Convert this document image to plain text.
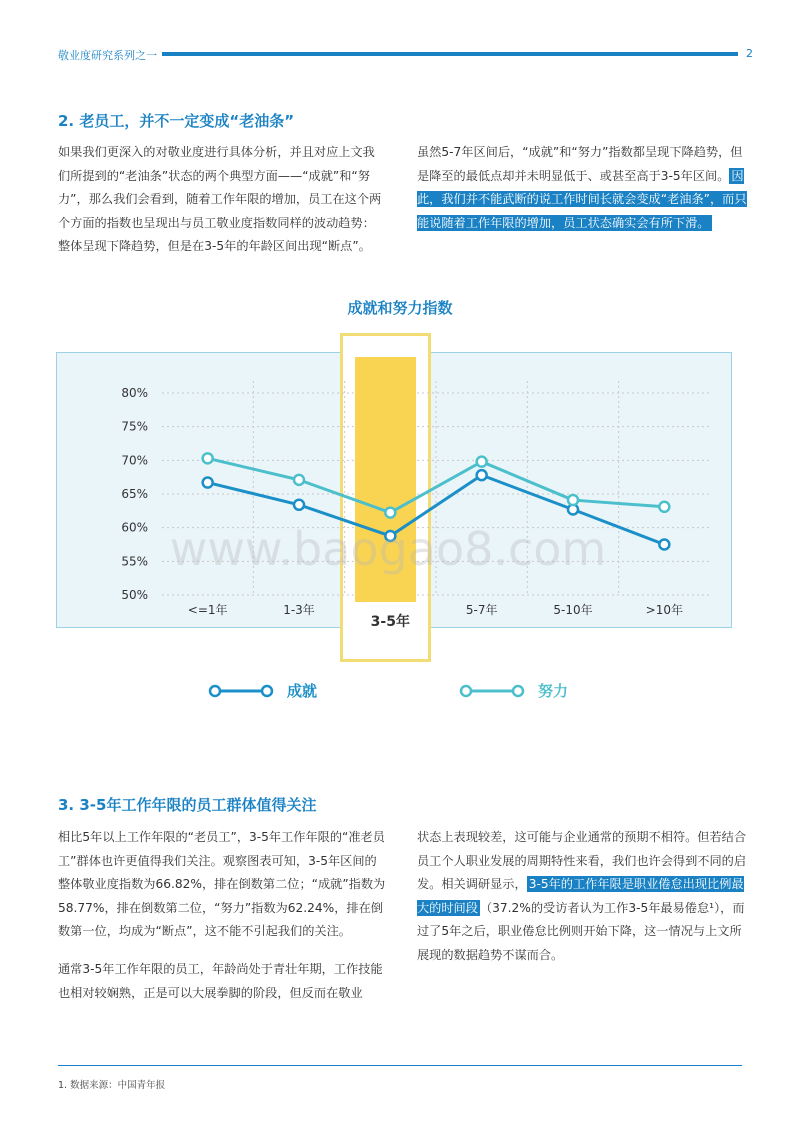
敬业度研究系列之一	2
2. 老员工，并不一定变成“老油条”

如果我们更深入的对敬业度进行具体分析，并且对应上文我们所提到的“老油条”状态的两个典型方面——“成就”和“努力”，那么我们会看到，随着工作年限的增加，员工在这个两个方面的指数也呈现出与员工敬业度指数同样的波动趋势：整体呈现下降趋势，但是在3-5年的年龄区间出现“断点”。

虽然5-7年区间后，“成就”和“努力”指数都呈现下降趋势，但是降至的最低点却并未明显低于、或甚至高于3-5年区间。 因此，我们并不能武断的说工作时间长就会变成“老油条”，而只能说随着工作年限的增加，员工状态确实会有所下滑。

成就和努力指数
80%
75%
70%
65%
60%
55%
50%
<=1年	1-3年
3-5年
5-7年	5-10年	>10年
www.baogao8.com
成就	努力
3. 3-5年工作年限的员工群体值得关注

相比5年以上工作年限的“老员工”，3-5年工作年限的“准老员工”群体也许更值得我们关注。观察图表可知，3-5年区间的整体敬业度指数为66.82%，排在倒数第二位；“成就”指数为58.77%，排在倒数第二位，“努力”指数为62.24%，排在倒数第一位，均成为“断点”，这不能不引起我们的关注。

通常3-5年工作年限的员工，年龄尚处于青壮年期，工作技能也相对较娴熟，正是可以大展拳脚的阶段，但反而在敬业

状态上表现较差，这可能与企业通常的预期不相符。但若结合员工个人职业发展的周期特性来看，我们也许会得到不同的启发。相关调研显示， 3-5年的工作年限是职业倦怠出现比例最大的时间段 （37.2%的受访者认为工作3-5年最易倦怠¹），而过了5年之后，职业倦怠比例则开始下降，这一情况与上文所展现的数据趋势不谋而合。

1. 数据来源：中国青年报
